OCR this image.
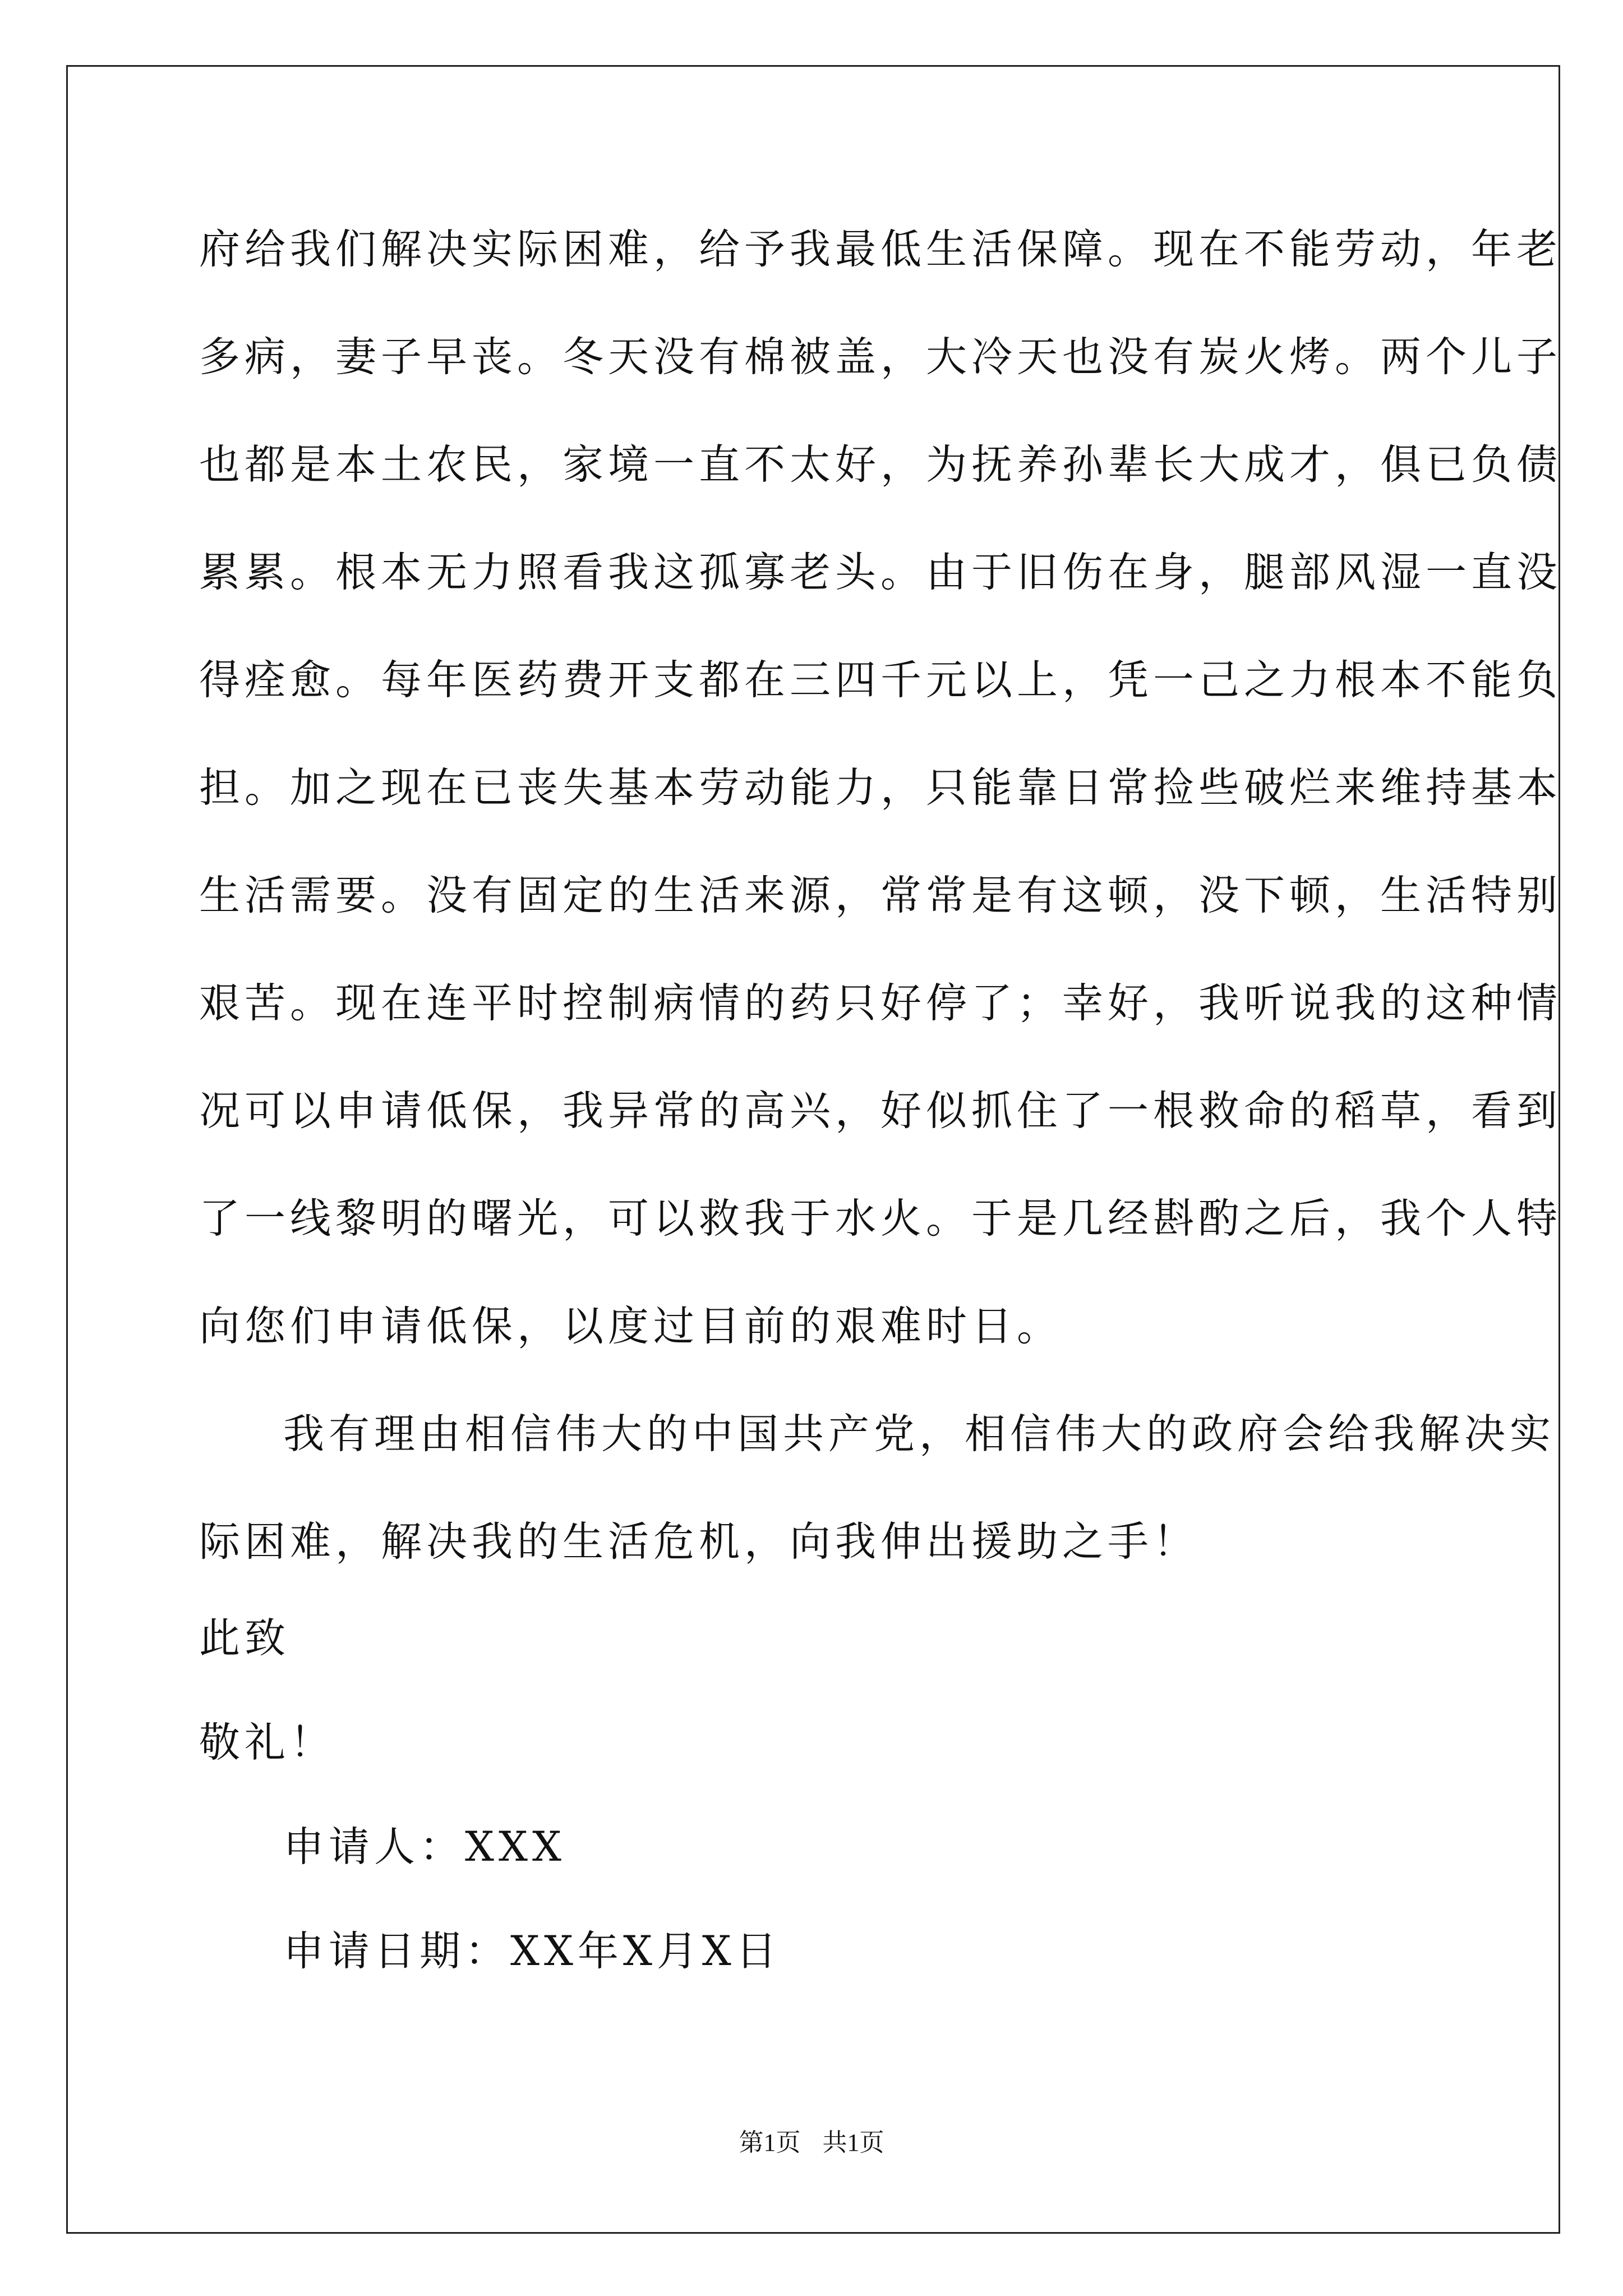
府给我们解决实际困难，给予我最低生活保障。现在不能劳动，年老
多病，妻子早丧。冬天没有棉被盖，大冷天也没有炭火烤。两个儿子
也都是本土农民，家境一直不太好，为抚养孙辈长大成才，俱已负债
累累。根本无力照看我这孤寡老头。由于旧伤在身，腿部风湿一直没
得痊愈。每年医药费开支都在三四千元以上，凭一己之力根本不能负
担。加之现在已丧失基本劳动能力，只能靠日常捡些破烂来维持基本
生活需要。没有固定的生活来源，常常是有这顿，没下顿，生活特别
艰苦。现在连平时控制病情的药只好停了；幸好，我听说我的这种情
况可以申请低保，我异常的高兴，好似抓住了一根救命的稻草，看到
了一线黎明的曙光，可以救我于水火。于是几经斟酌之后，我个人特
向您们申请低保，以度过目前的艰难时日。
我有理由相信伟大的中国共产党，相信伟大的政府会给我解决实
际困难，解决我的生活危机，向我伸出援助之手！
此致
敬礼！
申请人：XXX
申请日期：XX年X月X日
第1页 共1页
